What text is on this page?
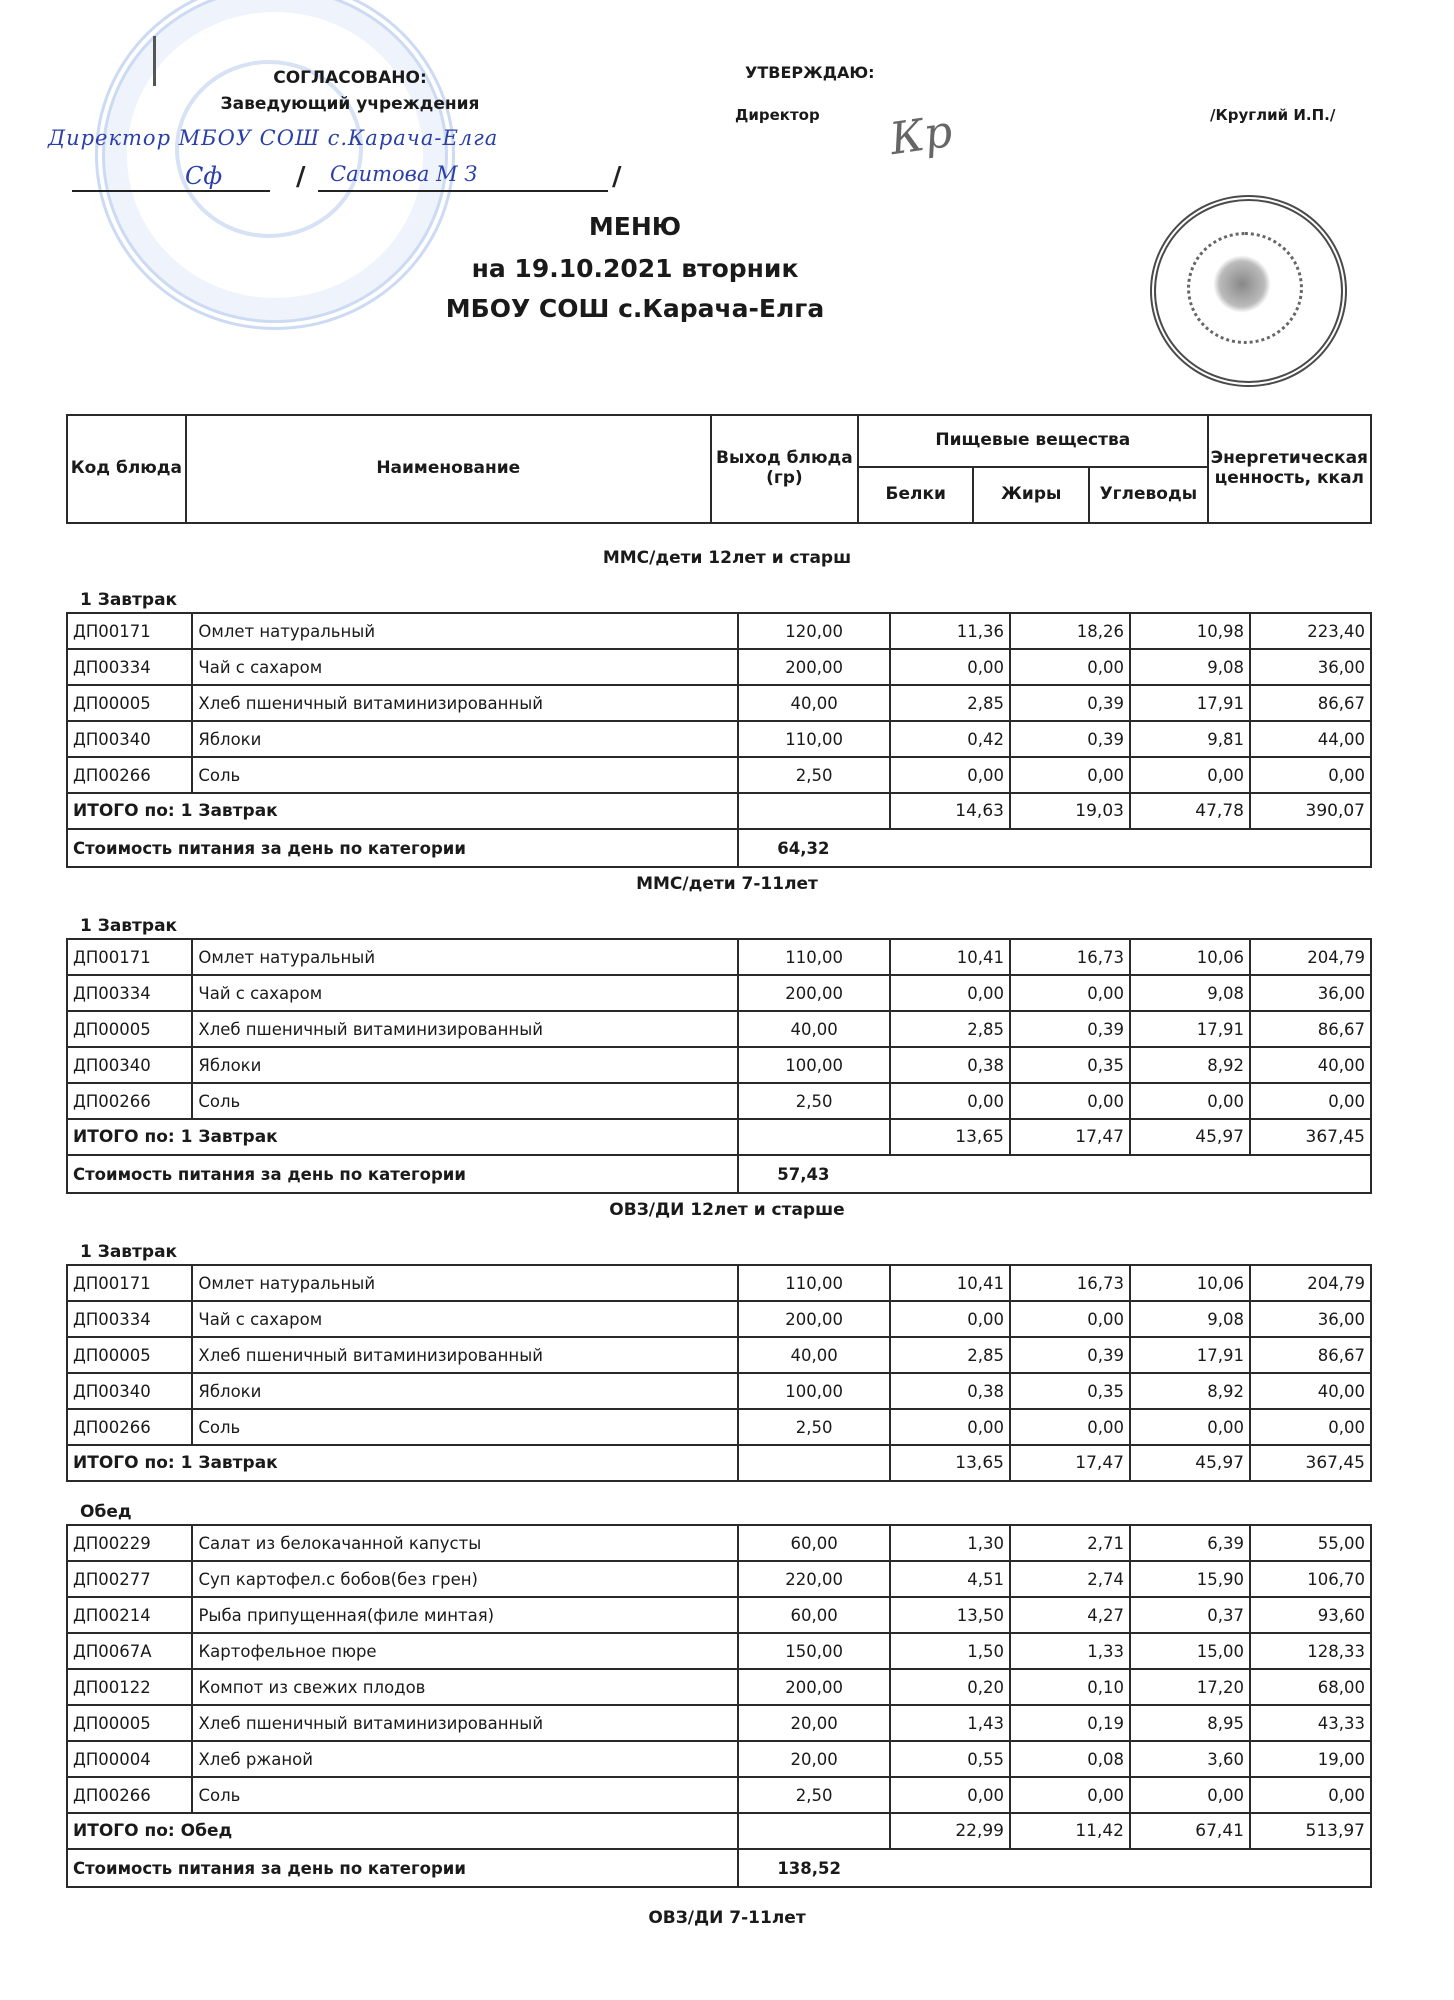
СОГЛАСОВАНО:
Заведующий учреждения
Директор МБОУ СОШ с.Карача-Елга
Сф	/ Саитова М З	/
УТВЕРЖДАЮ:
Директор Кр	/Круглий И.П./
МЕНЮ
на 19.10.2021 вторник
МБОУ СОШ с.Карача-Елга
Код блюда	Наименование	Выход блюда (гр)	Пищевые вещества			Энергетическая ценность, ккал
			Белки	Жиры	Углеводы	
ММС/дети 12лет и старш
1 Завтрак
ДП00171	Омлет натуральный	120,00	11,36	18,26	10,98	223,40
ДП00334	Чай с сахаром	200,00	0,00	0,00	9,08	36,00
ДП00005	Хлеб пшеничный витаминизированный	40,00	2,85	0,39	17,91	86,67
ДП00340	Яблоки	110,00	0,42	0,39	9,81	44,00
ДП00266	Соль	2,50	0,00	0,00	0,00	0,00
ИТОГО по: 1 Завтрак			14,63	19,03	47,78	390,07
Стоимость питания за день по категории		64,32				
ММС/дети 7-11лет
1 Завтрак
ДП00171	Омлет натуральный	110,00	10,41	16,73	10,06	204,79
ДП00334	Чай с сахаром	200,00	0,00	0,00	9,08	36,00
ДП00005	Хлеб пшеничный витаминизированный	40,00	2,85	0,39	17,91	86,67
ДП00340	Яблоки	100,00	0,38	0,35	8,92	40,00
ДП00266	Соль	2,50	0,00	0,00	0,00	0,00
ИТОГО по: 1 Завтрак			13,65	17,47	45,97	367,45
Стоимость питания за день по категории		57,43				
ОВЗ/ДИ 12лет и старше
1 Завтрак
ДП00171	Омлет натуральный	110,00	10,41	16,73	10,06	204,79
ДП00334	Чай с сахаром	200,00	0,00	0,00	9,08	36,00
ДП00005	Хлеб пшеничный витаминизированный	40,00	2,85	0,39	17,91	86,67
ДП00340	Яблоки	100,00	0,38	0,35	8,92	40,00
ДП00266	Соль	2,50	0,00	0,00	0,00	0,00
ИТОГО по: 1 Завтрак			13,65	17,47	45,97	367,45
Обед
ДП00229	Салат из белокачанной капусты	60,00	1,30	2,71	6,39	55,00
ДП00277	Суп картофел.с бобов(без грен)	220,00	4,51	2,74	15,90	106,70
ДП00214	Рыба припущенная(филе минтая)	60,00	13,50	4,27	0,37	93,60
ДП0067А	Картофельное пюре	150,00	1,50	1,33	15,00	128,33
ДП00122	Компот из свежих плодов	200,00	0,20	0,10	17,20	68,00
ДП00005	Хлеб пшеничный витаминизированный	20,00	1,43	0,19	8,95	43,33
ДП00004	Хлеб ржаной	20,00	0,55	0,08	3,60	19,00
ДП00266	Соль	2,50	0,00	0,00	0,00	0,00
ИТОГО по: Обед			22,99	11,42	67,41	513,97
Стоимость питания за день по категории		138,52				
ОВЗ/ДИ 7-11лет
